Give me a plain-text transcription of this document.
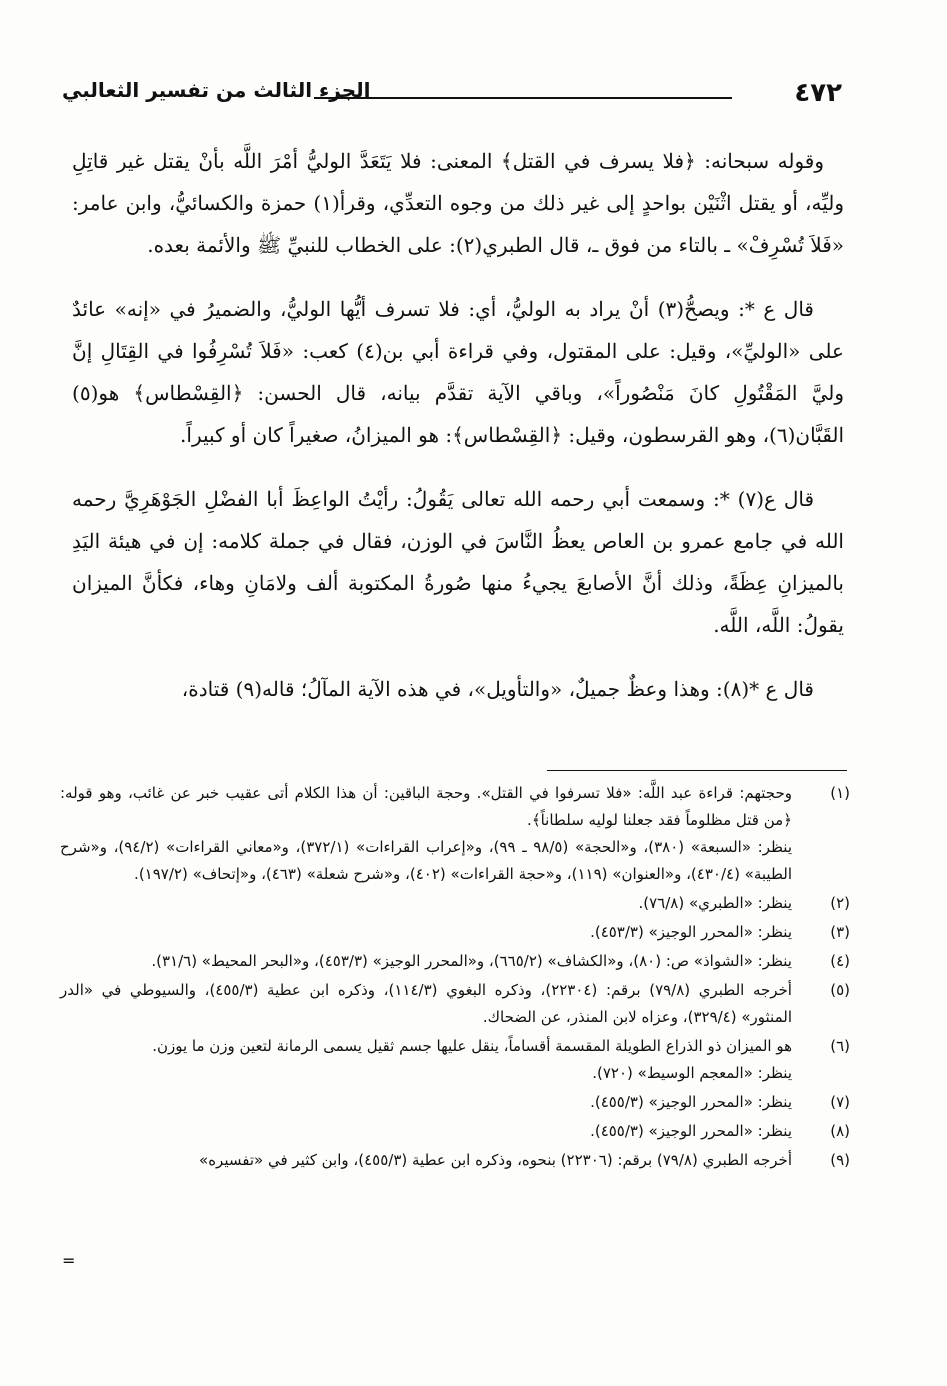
٤٧٢
الجزء الثالث من تفسير الثعالبي

وقوله سبحانه: ﴿فلا يسرف في القتل﴾ المعنى: فلا يَتَعَدَّ الوليُّ أمْرَ اللَّه بأنْ يقتل غير قاتِلِ وليِّه، أو يقتل اثْنَيْن بواحدٍ إلى غير ذلك من وجوه التعدِّي، وقرأ(١) حمزة والكسائيُّ، وابن عامر: «فَلاَ تُسْرِفْ» ـ بالتاء من فوق ـ، قال الطبري(٢): على الخطاب للنبيِّ ﷺ والأئمة بعده.

قال ع *: ويصحُّ(٣) أنْ يراد به الوليُّ، أي: فلا تسرف أيُّها الوليُّ، والضميرُ في «إنه» عائدٌ على «الوليِّ»، وقيل: على المقتول، وفي قراءة أبي بن(٤) كعب: «فَلاَ تُسْرِفُوا في القِتَالِ إنَّ وليَّ المَقْتُولِ كانَ مَنْصُوراً»، وباقي الآية تقدَّم بيانه، قال الحسن: ﴿القِسْطاس﴾ هو(٥) القَبَّان(٦)، وهو القرسطون، وقيل: ﴿القِسْطاس﴾: هو الميزانُ، صغيراً كان أو كبيراً.

قال ع(٧) *: وسمعت أبي رحمه الله تعالى يَقُولُ: رأيْتُ الواعِظَ أبا الفضْلِ الجَوْهَرِيَّ رحمه الله في جامع عمرو بن العاص يعظُ النَّاسَ في الوزن، فقال في جملة كلامه: إن في هيئة اليَدِ بالميزانِ عِظَةً، وذلك أنَّ الأصابعَ يجيءُ منها صُورةُ المكتوبة ألف ولامَانِ وهاء، فكأنَّ الميزان يقولُ: اللَّه، اللَّه.

قال ع *(٨): وهذا وعظٌ جميلٌ، «والتأويل»، في هذه الآية المآلُ؛ قاله(٩) قتادة،

(١)
وحجتهم: قراءة عبد اللَّه: «فلا تسرفوا في القتل». وحجة الباقين: أن هذا الكلام أتى عقيب خبر عن غائب، وهو قوله: ﴿من قتل مظلوماً فقد جعلنا لوليه سلطاناً﴾.
ينظر: «السبعة» (٣٨٠)، و«الحجة» (٩٨/٥ ـ ٩٩)، و«إعراب القراءات» (٣٧٢/١)، و«معاني القراءات» (٩٤/٢)، و«شرح الطيبة» (٤٣٠/٤)، و«العنوان» (١١٩)، و«حجة القراءات» (٤٠٢)، و«شرح شعلة» (٤٦٣)، و«إتحاف» (١٩٧/٢).
(٢)
ينظر: «الطبري» (٧٦/٨).
(٣)
ينظر: «المحرر الوجيز» (٤٥٣/٣).
(٤)
ينظر: «الشواذ» ص: (٨٠)، و«الكشاف» (٦٦٥/٢)، و«المحرر الوجيز» (٤٥٣/٣)، و«البحر المحيط» (٣١/٦).
(٥)
أخرجه الطبري (٧٩/٨) برقم: (٢٢٣٠٤)، وذكره البغوي (١١٤/٣)، وذكره ابن عطية (٤٥٥/٣)، والسيوطي في «الدر المنثور» (٣٢٩/٤)، وعزاه لابن المنذر، عن الضحاك.
(٦)
هو الميزان ذو الذراع الطويلة المقسمة أقساماً، ينقل عليها جسم ثقيل يسمى الرمانة لتعين وزن ما يوزن.
ينظر: «المعجم الوسيط» (٧٢٠).
(٧)
ينظر: «المحرر الوجيز» (٤٥٥/٣).
(٨)
ينظر: «المحرر الوجيز» (٤٥٥/٣).
(٩)
أخرجه الطبري (٧٩/٨) برقم: (٢٢٣٠٦) بنحوه، وذكره ابن عطية (٤٥٥/٣)، وابن كثير في «تفسيره»
=
